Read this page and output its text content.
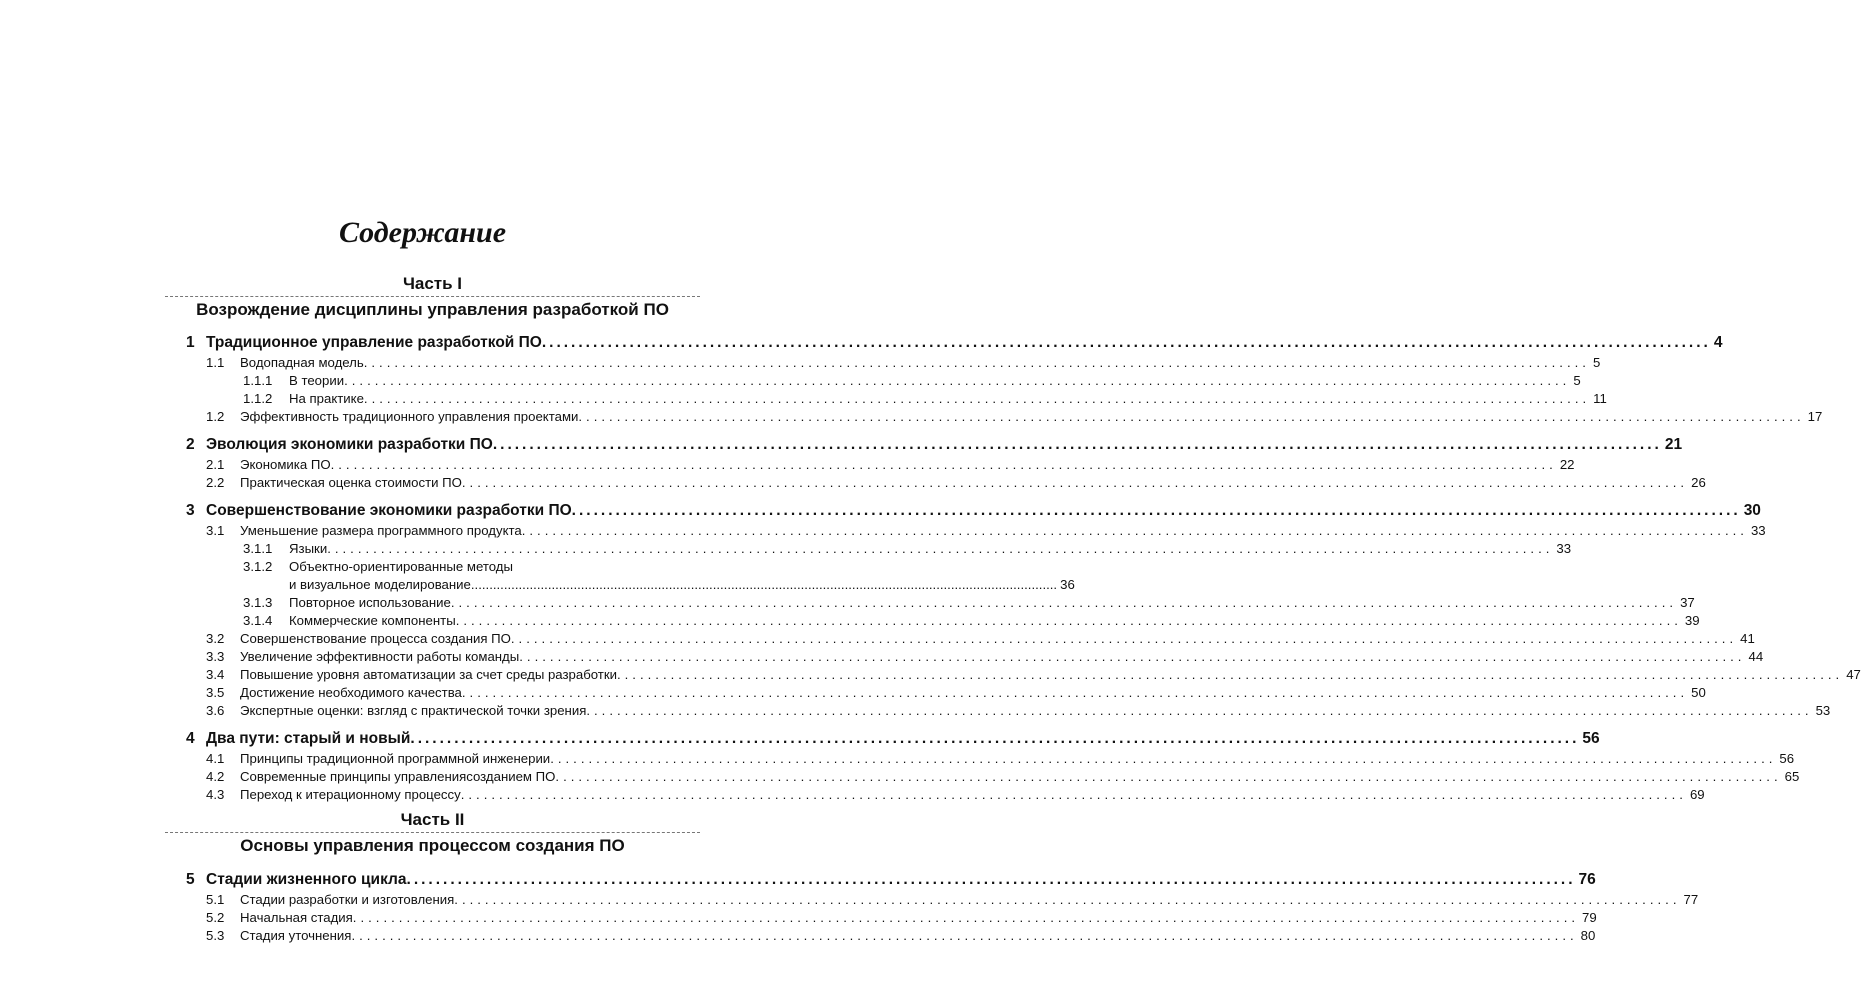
Содержание
Часть I
Возрождение дисциплины управления разработкой ПО
1 Традиционное управление разработкой ПО ................................................................................................................................................................ 4
1.1	Водопадная модель ................................................................................................................................................................ 5
1.1.1	В теории ................................................................................................................................................................ 5
1.1.2	На практике ................................................................................................................................................................ 11
1.2	Эффективность традиционного управления проектами ................................................................................................................................................................ 17
2 Эволюция экономики разработки ПО ................................................................................................................................................................ 21
2.1	Экономика ПО ................................................................................................................................................................ 22
2.2	Практическая оценка стоимости ПО ................................................................................................................................................................ 26
3 Совершенствование экономики разработки ПО ................................................................................................................................................................ 30
3.1	Уменьшение размера программного продукта ................................................................................................................................................................ 33
3.1.1	Языки ................................................................................................................................................................ 33
3.1.2	Объектно-ориентированные методы
и визуальное моделирование ................................................................................................................................................................ 36
3.1.3	Повторное использование ................................................................................................................................................................ 37
3.1.4	Коммерческие компоненты ................................................................................................................................................................ 39
3.2	Совершенствование процесса создания ПО ................................................................................................................................................................ 41
3.3	Увеличение эффективности работы команды ................................................................................................................................................................ 44
3.4	Повышение уровня автоматизации за счет среды разработки ................................................................................................................................................................ 47
3.5	Достижение необходимого качества ................................................................................................................................................................ 50
3.6	Экспертные оценки: взгляд с практической точки зрения ................................................................................................................................................................ 53
4 Два пути: старый и новый ................................................................................................................................................................ 56
4.1	Принципы традиционной программной инженерии ................................................................................................................................................................ 56
4.2	Современные принципы управлениясозданием ПО ................................................................................................................................................................ 65
4.3	Переход к итерационному процессу ................................................................................................................................................................ 69
Часть II
Основы управления процессом создания ПО
5 Стадии жизненного цикла ................................................................................................................................................................ 76
5.1	Стадии разработки и изготовления ................................................................................................................................................................ 77
5.2	Начальная стадия ................................................................................................................................................................ 79
5.3	Стадия уточнения ................................................................................................................................................................ 80
